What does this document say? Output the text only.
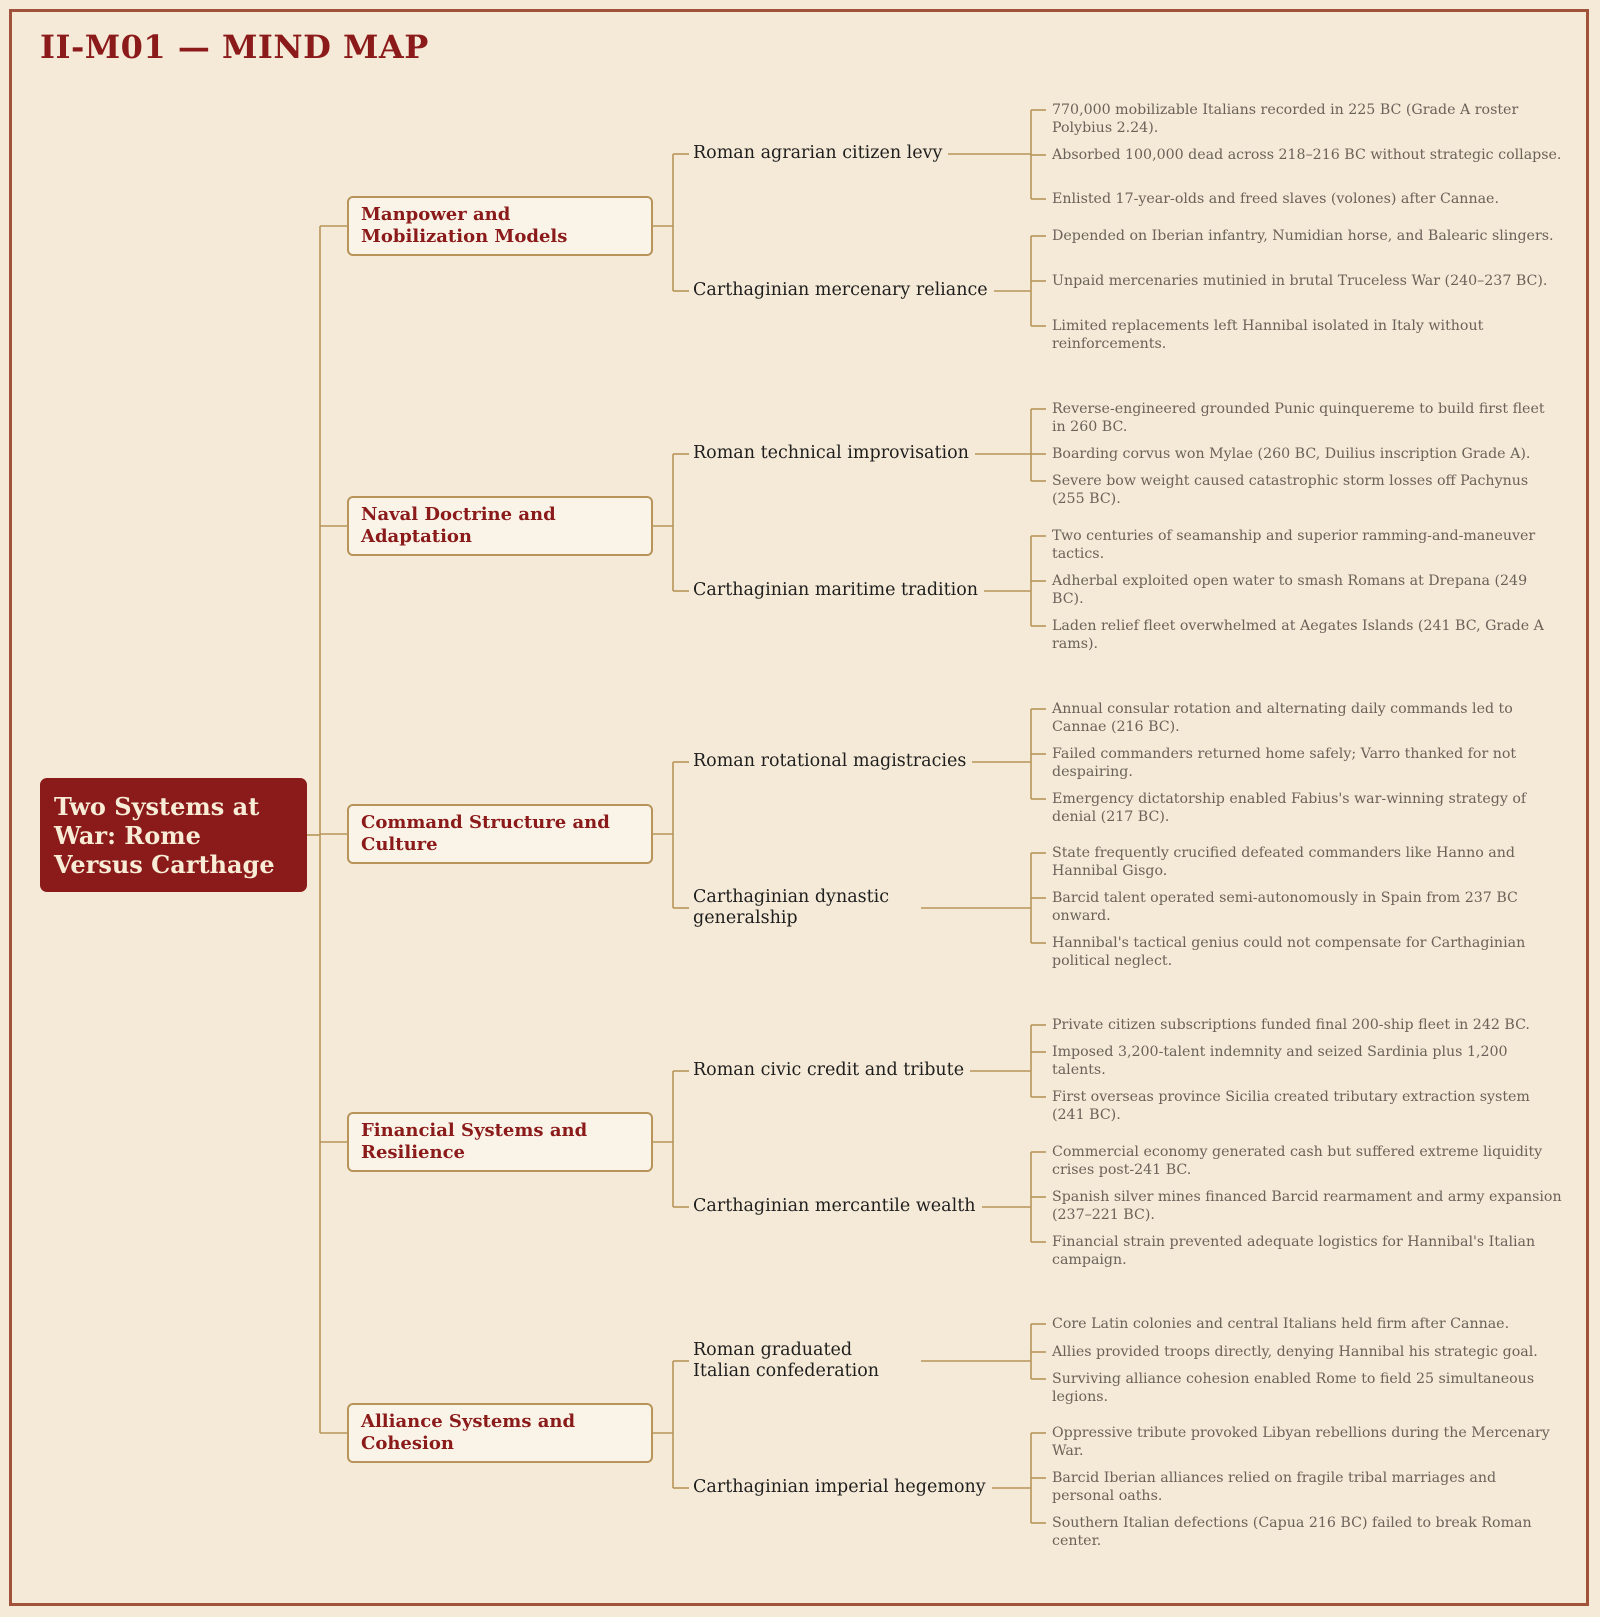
II-M01 — MIND MAP
Two Systems at War: Rome Versus Carthage
Manpower and Mobilization Models
Roman agrarian citizen levy
770,000 mobilizable Italians recorded in 225 BC (Grade A roster Polybius 2.24).
Absorbed 100,000 dead across 218–216 BC without strategic collapse.
Enlisted 17-year-olds and freed slaves (volones) after Cannae.
Carthaginian mercenary reliance
Depended on Iberian infantry, Numidian horse, and Balearic slingers.
Unpaid mercenaries mutinied in brutal Truceless War (240–237 BC).
Limited replacements left Hannibal isolated in Italy without reinforcements.
Naval Doctrine and Adaptation
Roman technical improvisation
Reverse-engineered grounded Punic quinquereme to build first fleet in 260 BC.
Boarding corvus won Mylae (260 BC, Duilius inscription Grade A).
Severe bow weight caused catastrophic storm losses off Pachynus (255 BC).
Carthaginian maritime tradition
Two centuries of seamanship and superior ramming-and-maneuver tactics.
Adherbal exploited open water to smash Romans at Drepana (249 BC).
Laden relief fleet overwhelmed at Aegates Islands (241 BC, Grade A rams).
Command Structure and Culture
Roman rotational magistracies
Annual consular rotation and alternating daily commands led to Cannae (216 BC).
Failed commanders returned home safely; Varro thanked for not despairing.
Emergency dictatorship enabled Fabius's war-winning strategy of denial (217 BC).
Carthaginian dynastic generalship
State frequently crucified defeated commanders like Hanno and Hannibal Gisgo.
Barcid talent operated semi-autonomously in Spain from 237 BC onward.
Hannibal's tactical genius could not compensate for Carthaginian political neglect.
Financial Systems and Resilience
Roman civic credit and tribute
Private citizen subscriptions funded final 200-ship fleet in 242 BC.
Imposed 3,200-talent indemnity and seized Sardinia plus 1,200 talents.
First overseas province Sicilia created tributary extraction system (241 BC).
Carthaginian mercantile wealth
Commercial economy generated cash but suffered extreme liquidity crises post-241 BC.
Spanish silver mines financed Barcid rearmament and army expansion (237–221 BC).
Financial strain prevented adequate logistics for Hannibal's Italian campaign.
Alliance Systems and Cohesion
Roman graduated Italian confederation
Core Latin colonies and central Italians held firm after Cannae.
Allies provided troops directly, denying Hannibal his strategic goal.
Surviving alliance cohesion enabled Rome to field 25 simultaneous legions.
Carthaginian imperial hegemony
Oppressive tribute provoked Libyan rebellions during the Mercenary War.
Barcid Iberian alliances relied on fragile tribal marriages and personal oaths.
Southern Italian defections (Capua 216 BC) failed to break Roman center.
